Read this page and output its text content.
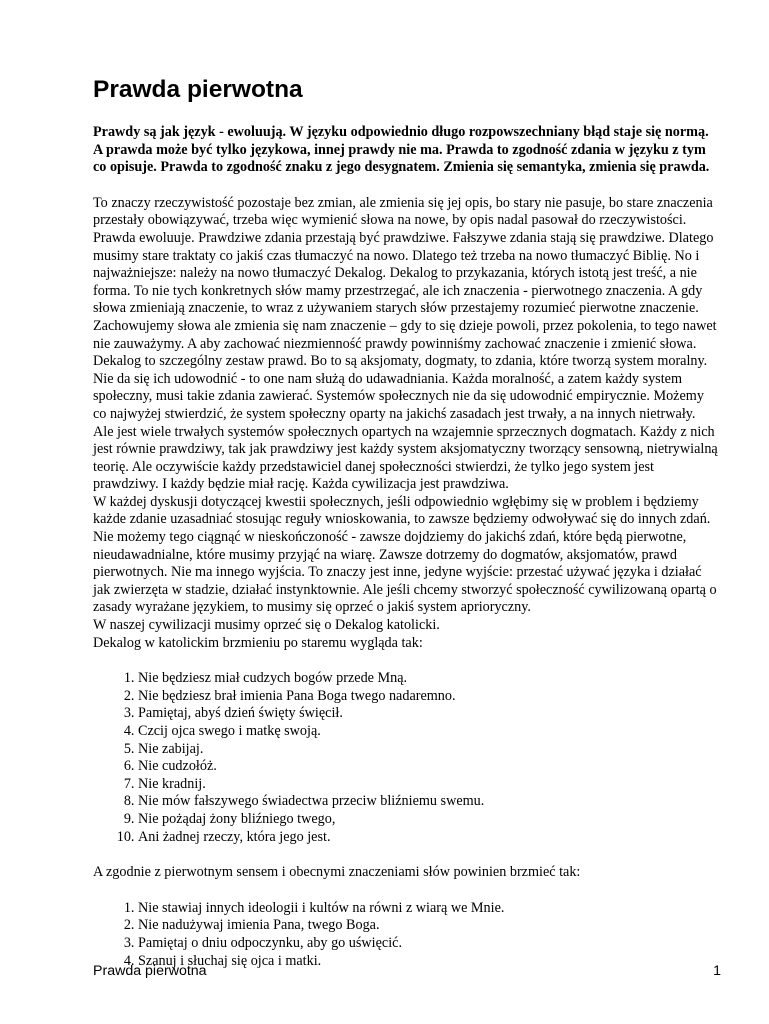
Prawda pierwotna

Prawdy są jak język - ewoluują. W języku odpowiednio długo rozpowszechniany błąd staje się normą.
A prawda może być tylko językowa, innej prawdy nie ma. Prawda to zgodność zdania w języku z tym
co opisuje. Prawda to zgodność znaku z jego desygnatem. Zmienia się semantyka, zmienia się prawda.

To znaczy rzeczywistość pozostaje bez zmian, ale zmienia się jej opis, bo stary nie pasuje, bo stare znaczenia
przestały obowiązywać, trzeba więc wymienić słowa na nowe, by opis nadal pasował do rzeczywistości.
Prawda ewoluuje. Prawdziwe zdania przestają być prawdziwe. Fałszywe zdania stają się prawdziwe. Dlatego
musimy stare traktaty co jakiś czas tłumaczyć na nowo. Dlatego też trzeba na nowo tłumaczyć Biblię. No i
najważniejsze: należy na nowo tłumaczyć Dekalog. Dekalog to przykazania, których istotą jest treść, a nie
forma. To nie tych konkretnych słów mamy przestrzegać, ale ich znaczenia - pierwotnego znaczenia. A gdy
słowa zmieniają znaczenie, to wraz z używaniem starych słów przestajemy rozumieć pierwotne znaczenie.
Zachowujemy słowa ale zmienia się nam znaczenie – gdy to się dzieje powoli, przez pokolenia, to tego nawet
nie zauważymy. A aby zachować niezmienność prawdy powinniśmy zachować znaczenie i zmienić słowa.
Dekalog to szczególny zestaw prawd. Bo to są aksjomaty, dogmaty, to zdania, które tworzą system moralny.
Nie da się ich udowodnić - to one nam służą do udawadniania. Każda moralność, a zatem każdy system
społeczny, musi takie zdania zawierać. Systemów społecznych nie da się udowodnić empirycznie. Możemy
co najwyżej stwierdzić, że system społeczny oparty na jakichś zasadach jest trwały, a na innych nietrwały.
Ale jest wiele trwałych systemów społecznych opartych na wzajemnie sprzecznych dogmatach. Każdy z nich
jest równie prawdziwy, tak jak prawdziwy jest każdy system aksjomatyczny tworzący sensowną, nietrywialną
teorię. Ale oczywiście każdy przedstawiciel danej społeczności stwierdzi, że tylko jego system jest
prawdziwy. I każdy będzie miał rację. Każda cywilizacja jest prawdziwa.
W każdej dyskusji dotyczącej kwestii społecznych, jeśli odpowiednio wgłębimy się w problem i będziemy
każde zdanie uzasadniać stosując reguły wnioskowania, to zawsze będziemy odwoływać się do innych zdań.
Nie możemy tego ciągnąć w nieskończoność - zawsze dojdziemy do jakichś zdań, które będą pierwotne,
nieudawadnialne, które musimy przyjąć na wiarę. Zawsze dotrzemy do dogmatów, aksjomatów, prawd
pierwotnych. Nie ma innego wyjścia. To znaczy jest inne, jedyne wyjście: przestać używać języka i działać
jak zwierzęta w stadzie, działać instynktownie. Ale jeśli chcemy stworzyć społeczność cywilizowaną opartą o
zasady wyrażane językiem, to musimy się oprzeć o jakiś system aprioryczny.
W naszej cywilizacji musimy oprzeć się o Dekalog katolicki.
Dekalog w katolickim brzmieniu po staremu wygląda tak:
1. Nie będziesz miał cudzych bogów przede Mną.
2. Nie będziesz brał imienia Pana Boga twego nadaremno.
3. Pamiętaj, abyś dzień święty święcił.
4. Czcij ojca swego i matkę swoją.
5. Nie zabijaj.
6. Nie cudzołóż.
7. Nie kradnij.
8. Nie mów fałszywego świadectwa przeciw bliźniemu swemu.
9. Nie pożądaj żony bliźniego twego,
10. Ani żadnej rzeczy, która jego jest.
A zgodnie z pierwotnym sensem i obecnymi znaczeniami słów powinien brzmieć tak:
1. Nie stawiaj innych ideologii i kultów na równi z wiarą we Mnie.
2. Nie nadużywaj imienia Pana, twego Boga.
3. Pamiętaj o dniu odpoczynku, aby go uświęcić.
4. Szanuj i słuchaj się ojca i matki.
Prawda pierwotna	1
